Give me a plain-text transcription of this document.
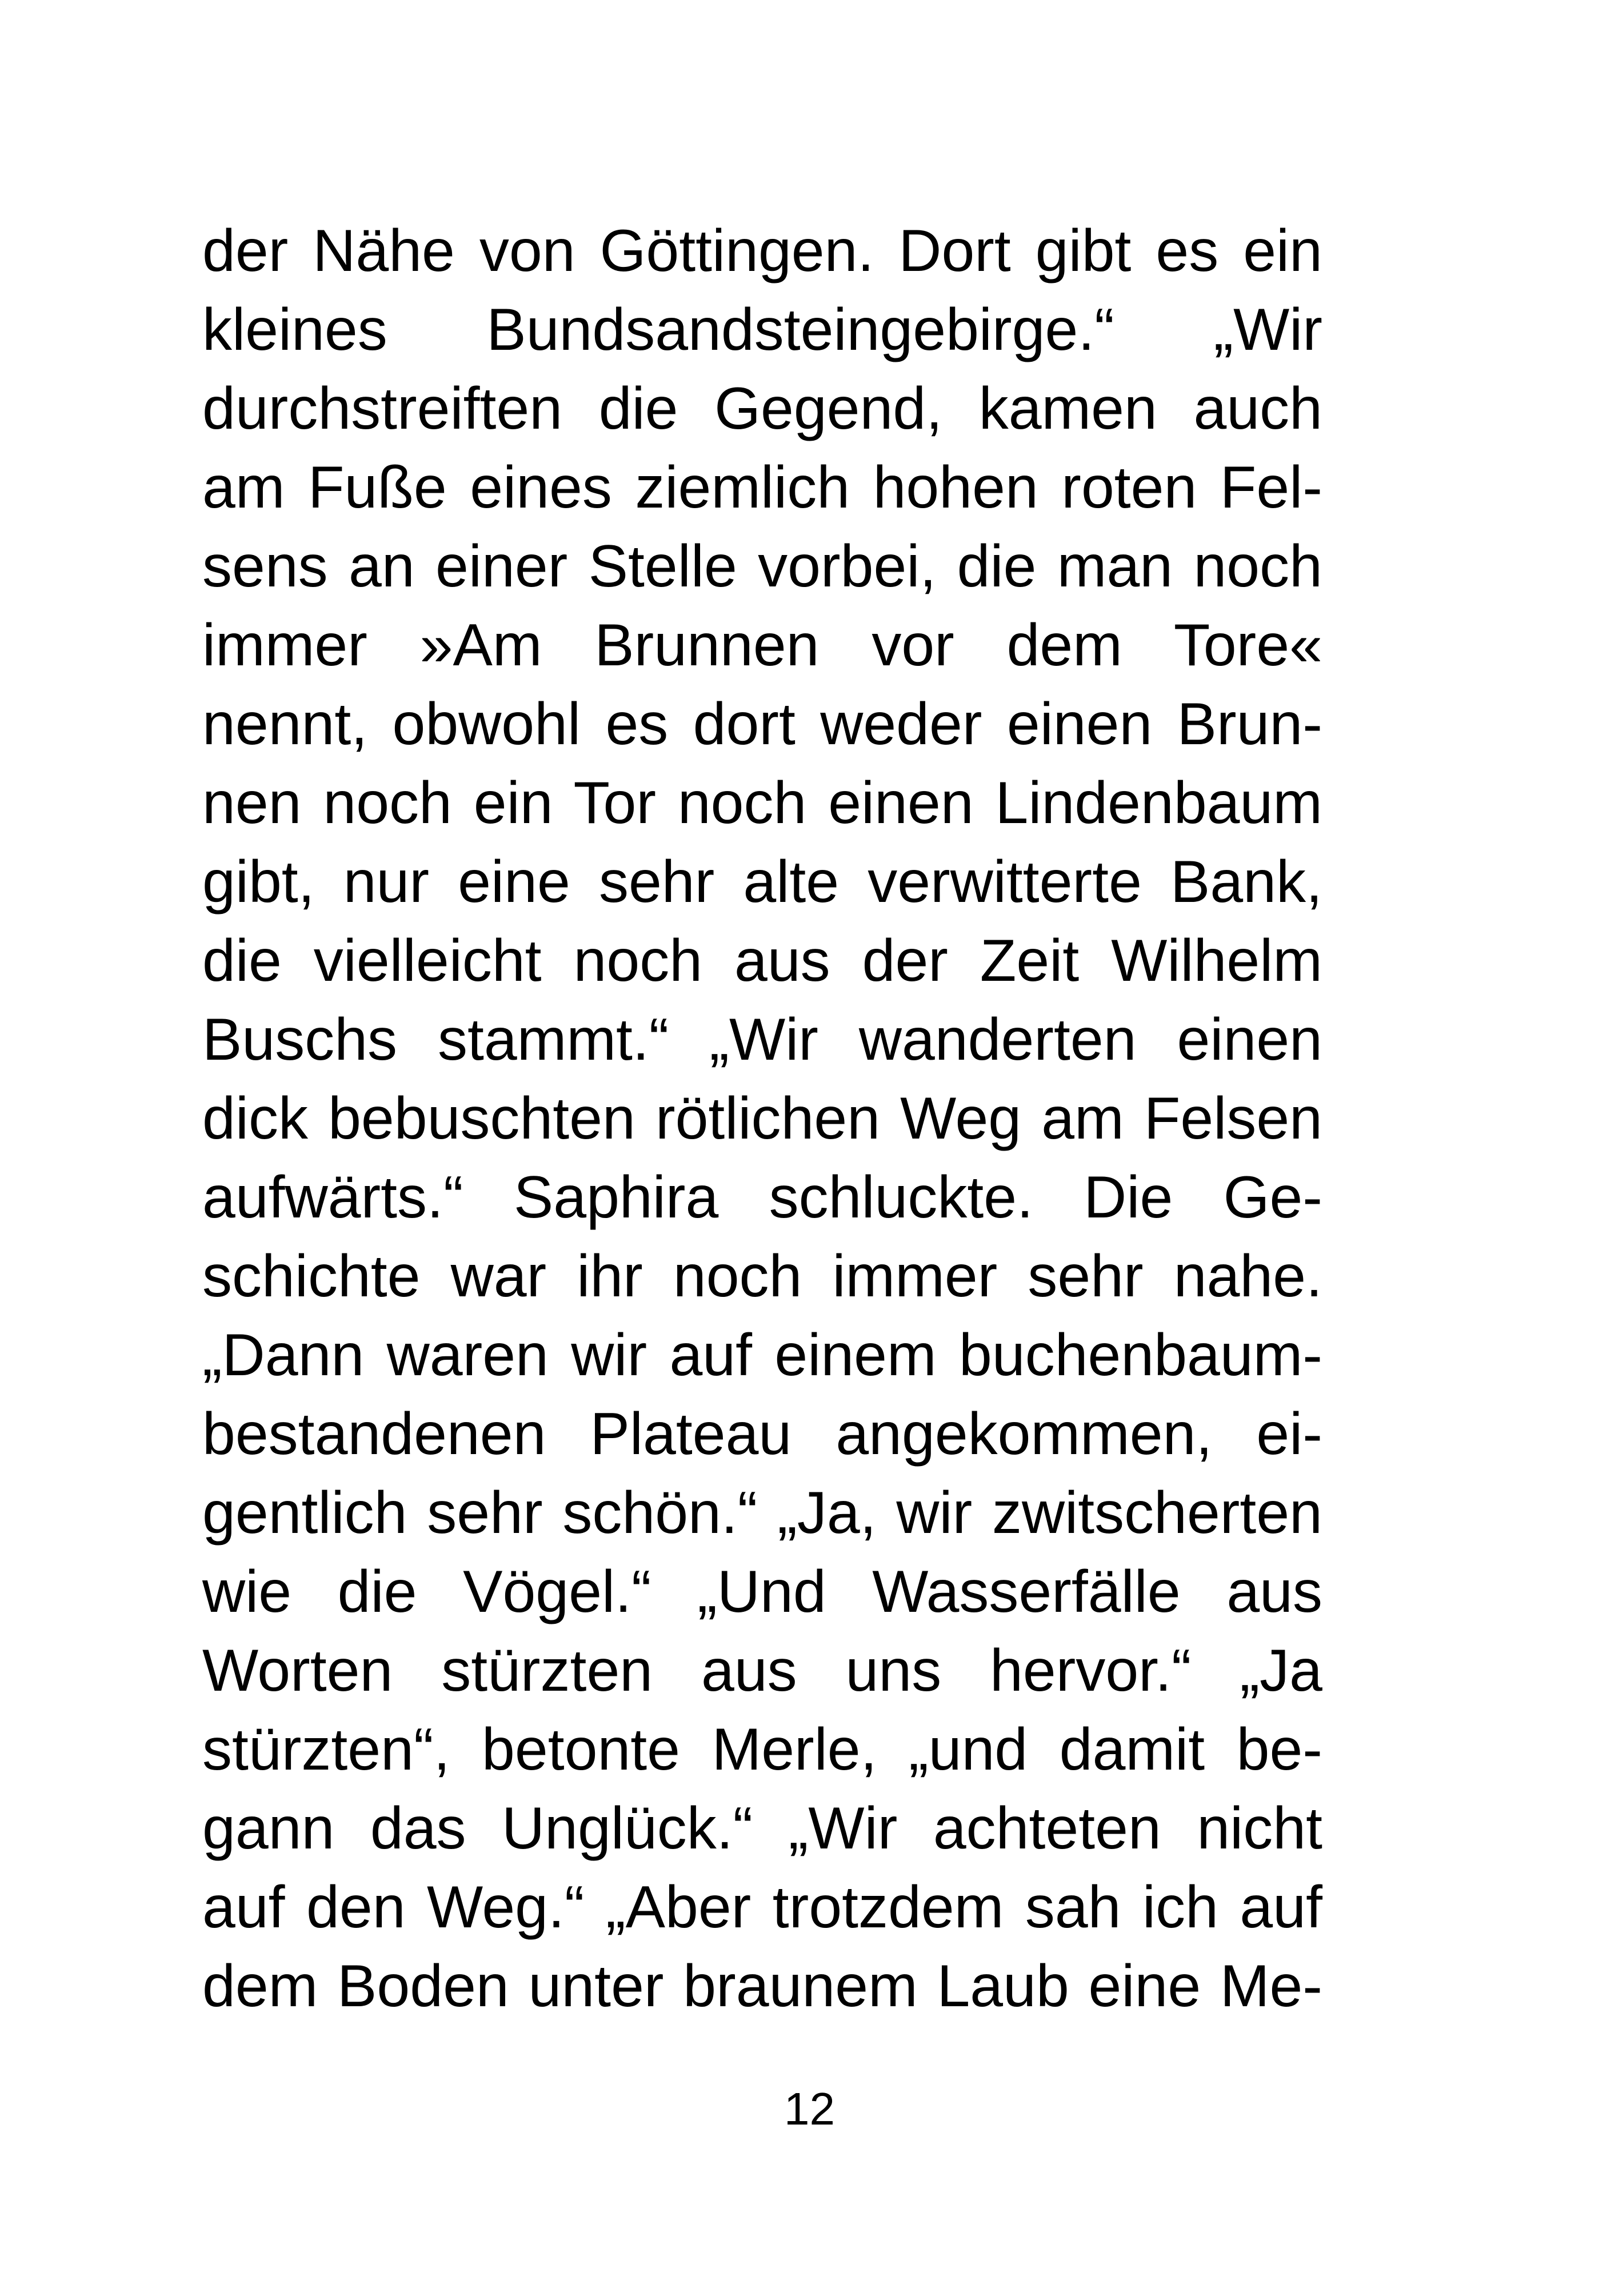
der Nähe von Göttingen. Dort gibt es ein
kleines Bundsandsteingebirge.“ „Wir
durchstreiften die Gegend, kamen auch
am Fuße eines ziemlich hohen roten Fel-
sens an einer Stelle vorbei, die man noch
immer »Am Brunnen vor dem Tore«
nennt, obwohl es dort weder einen Brun-
nen noch ein Tor noch einen Lindenbaum
gibt, nur eine sehr alte verwitterte Bank,
die vielleicht noch aus der Zeit Wilhelm
Buschs stammt.“ „Wir wanderten einen
dick bebuschten rötlichen Weg am Felsen
aufwärts.“ Saphira schluckte. Die Ge-
schichte war ihr noch immer sehr nahe.
„Dann waren wir auf einem buchenbaum-
bestandenen Plateau angekommen, ei-
gentlich sehr schön.“ „Ja, wir zwitscherten
wie die Vögel.“ „Und Wasserfälle aus
Worten stürzten aus uns hervor.“ „Ja
stürzten“, betonte Merle, „und damit be-
gann das Unglück.“ „Wir achteten nicht
auf den Weg.“ „Aber trotzdem sah ich auf
dem Boden unter braunem Laub eine Me-
12
